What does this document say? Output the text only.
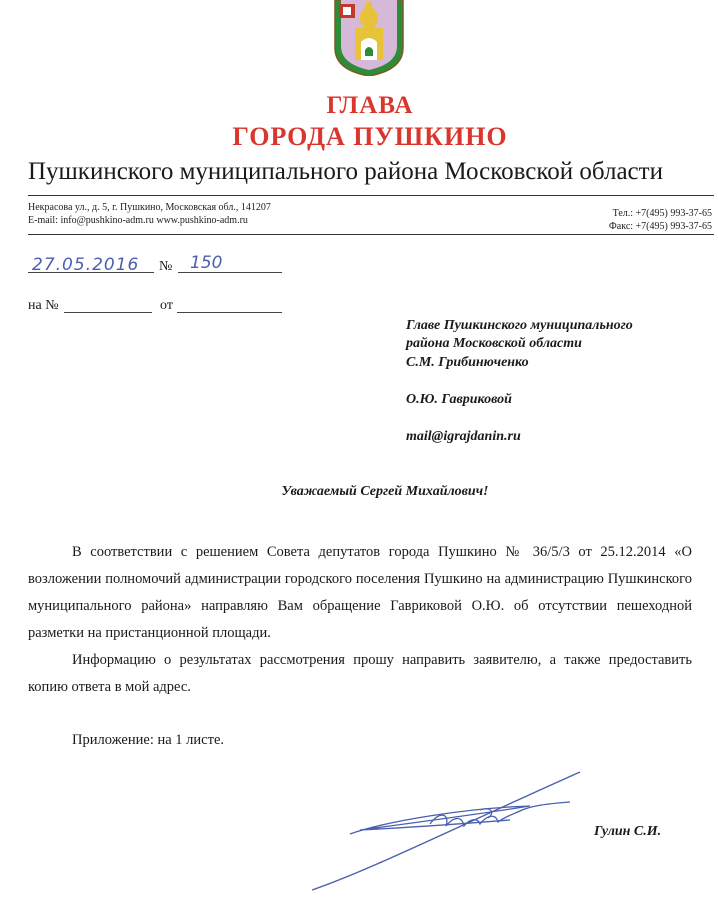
ГЛАВА
ГОРОДА ПУШКИНО
Пушкинского муниципального района Московской области
Некрасова ул., д. 5, г. Пушкино, Московская обл., 141207
E-mail: info@pushkino-adm.ru www.pushkino-adm.ru
Тел.: +7(495) 993-37-65
Факс: +7(495) 993-37-65
27.05.2016 № 150
на №	от
Главе Пушкинского муниципального
района Московской области
С.М. Грибинюченко
О.Ю. Гавриковой
mail@igrajdanin.ru
Уважаемый Сергей Михайлович!

В соответствии с решением Совета депутатов города Пушкино № 36/5/3 от 25.12.2014 «О возложении полномочий администрации городского поселения Пушкино на администрацию Пушкинского муниципального района» направляю Вам обращение Гавриковой О.Ю. об отсутствии пешеходной разметки на пристанционной площади.

Информацию о результатах рассмотрения прошу направить заявителю, а также предоставить копию ответа в мой адрес.

Приложение: на 1 листе.
Гулин С.И.
